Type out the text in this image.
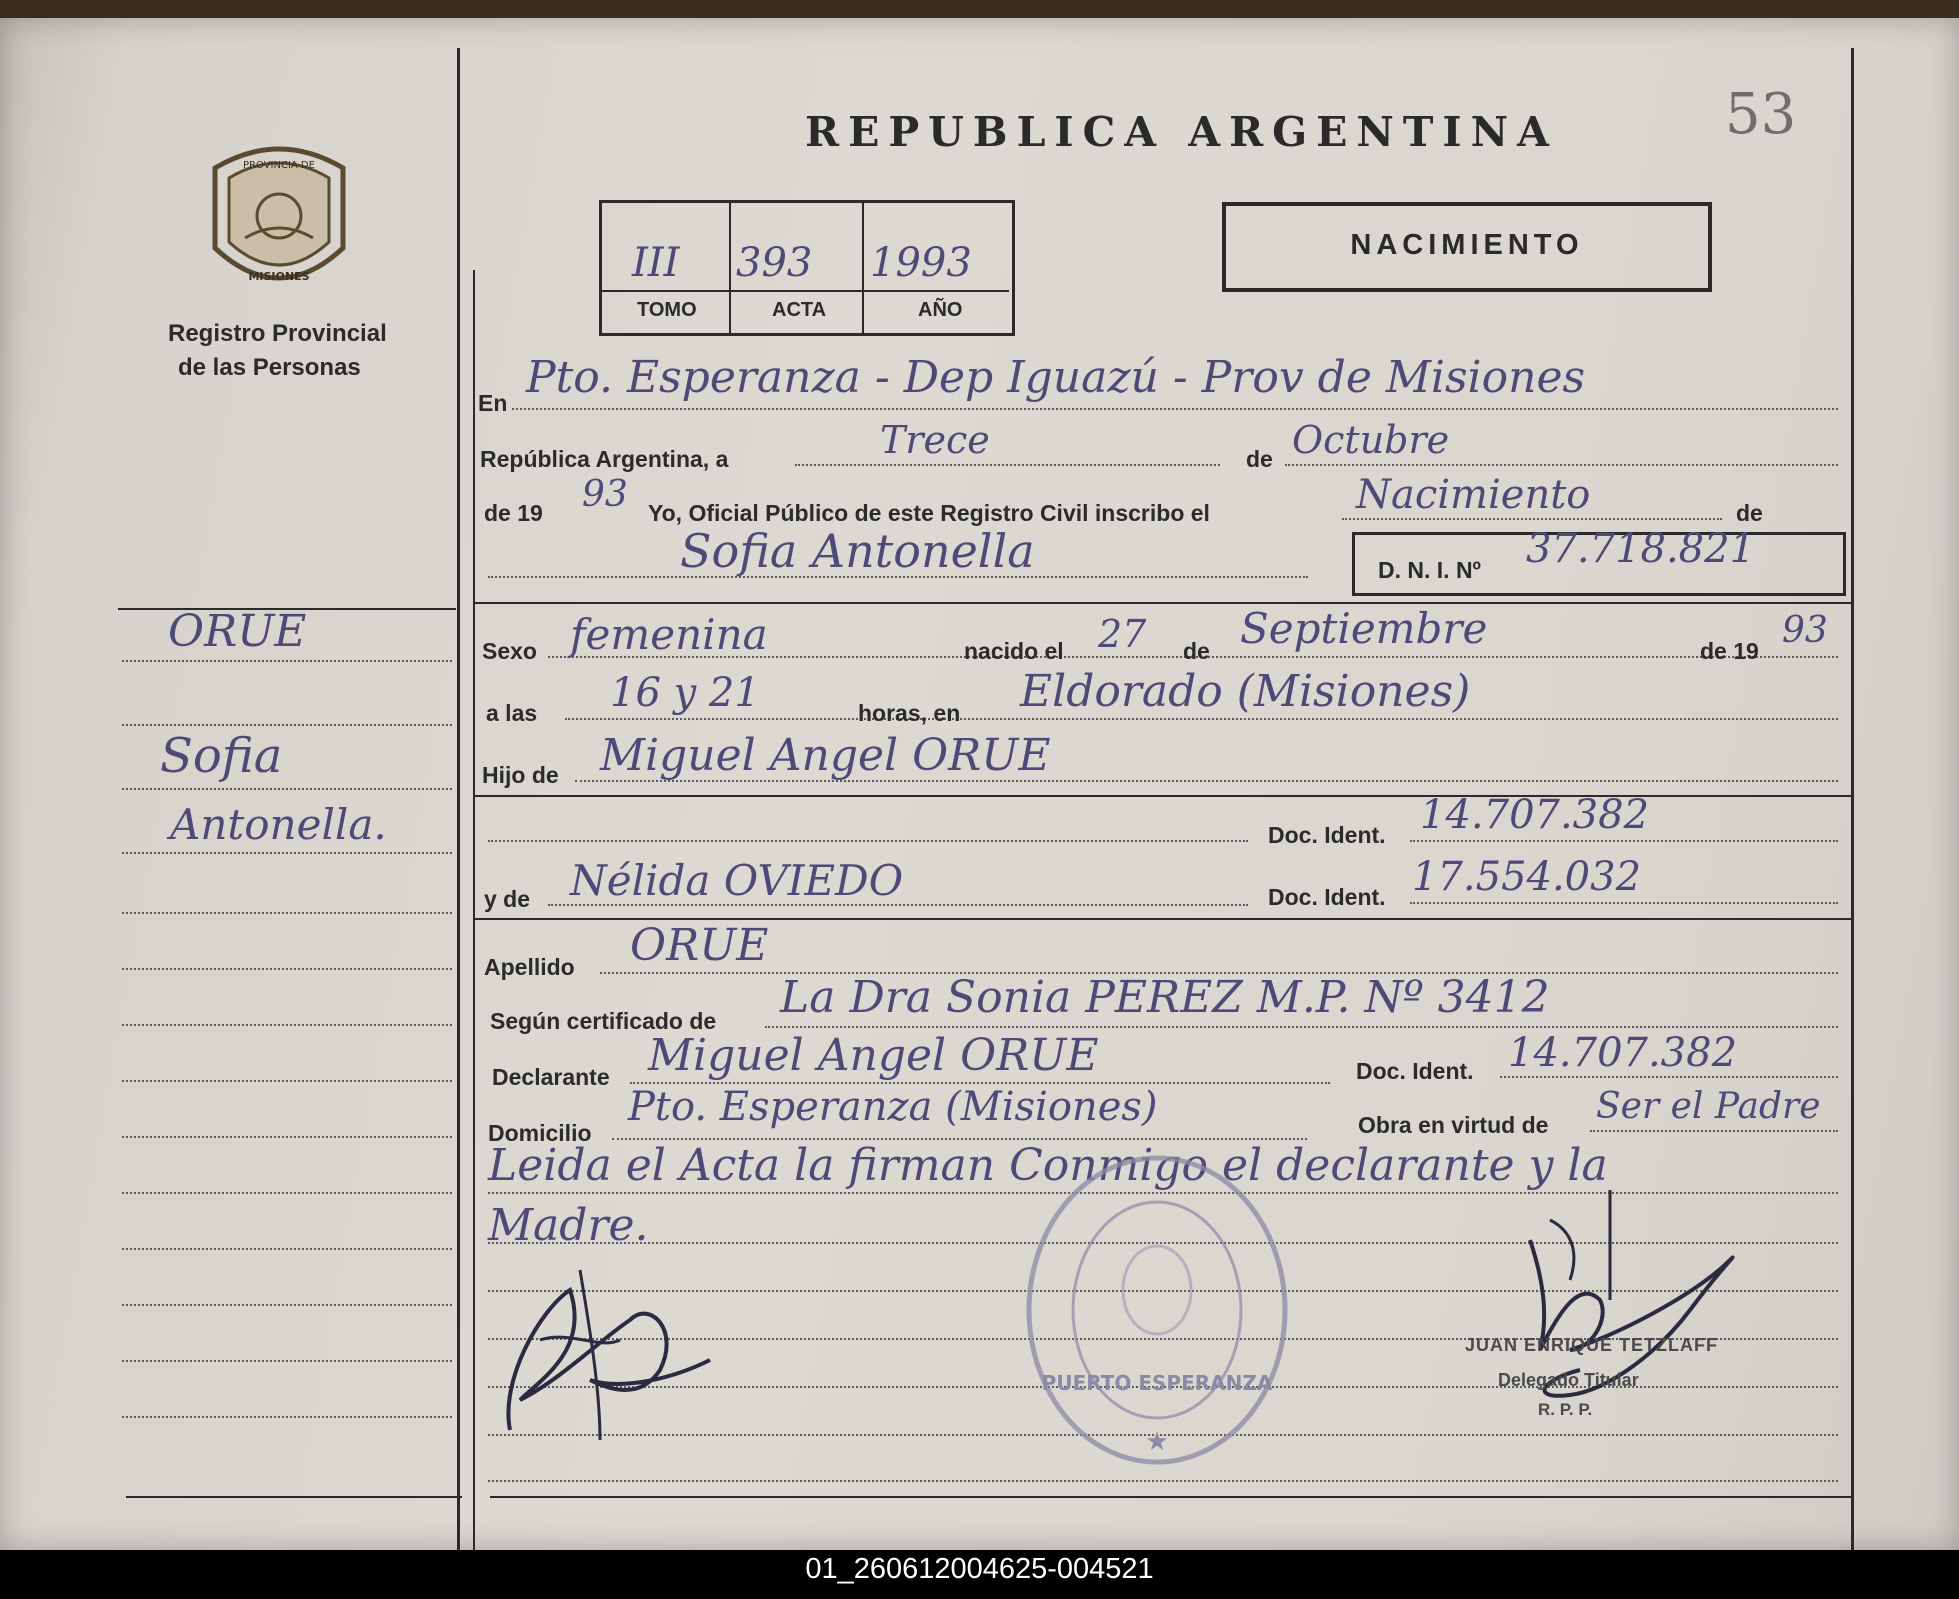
REPUBLICA ARGENTINA	53
PROVINCIA DE
MISIONES
Registro Provincial
de las Personas
III 393 1993
TOMO	ACTA	AÑO
NACIMIENTO
En Pto. Esperanza - Dep Iguazú - Prov de Misiones
República Argentina, a	Trece	de Octubre
de 19 93 Yo, Oficial Público de este Registro Civil inscribo el	Nacimiento	de
Sofia Antonella	D. N. I. Nº 37.718.821
Sexo femenina	nacido el 27 de Septiembre	de 19 93
a las 16 y 21	horas, en Eldorado (Misiones)
Hijo de Miguel Angel ORUE
Doc. Ident. 14.707.382
y de Nélida OVIEDO	Doc. Ident. 17.554.032
Apellido ORUE
Según certificado de La Dra Sonia PEREZ M.P. Nº 3412
Declarante Miguel Angel ORUE	Doc. Ident. 14.707.382
Domicilio
Pto. Esperanza (Misiones)	Obra en virtud de Ser el Padre
Leida el Acta la firman Conmigo el declarante y la
Madre.
ORUE
Sofia
Antonella.
PUERTO ESPERANZA
★
JUAN ENRIQUE TETZLAFF
Delegado Titular
R. P. P.
01_260612004625-004521
